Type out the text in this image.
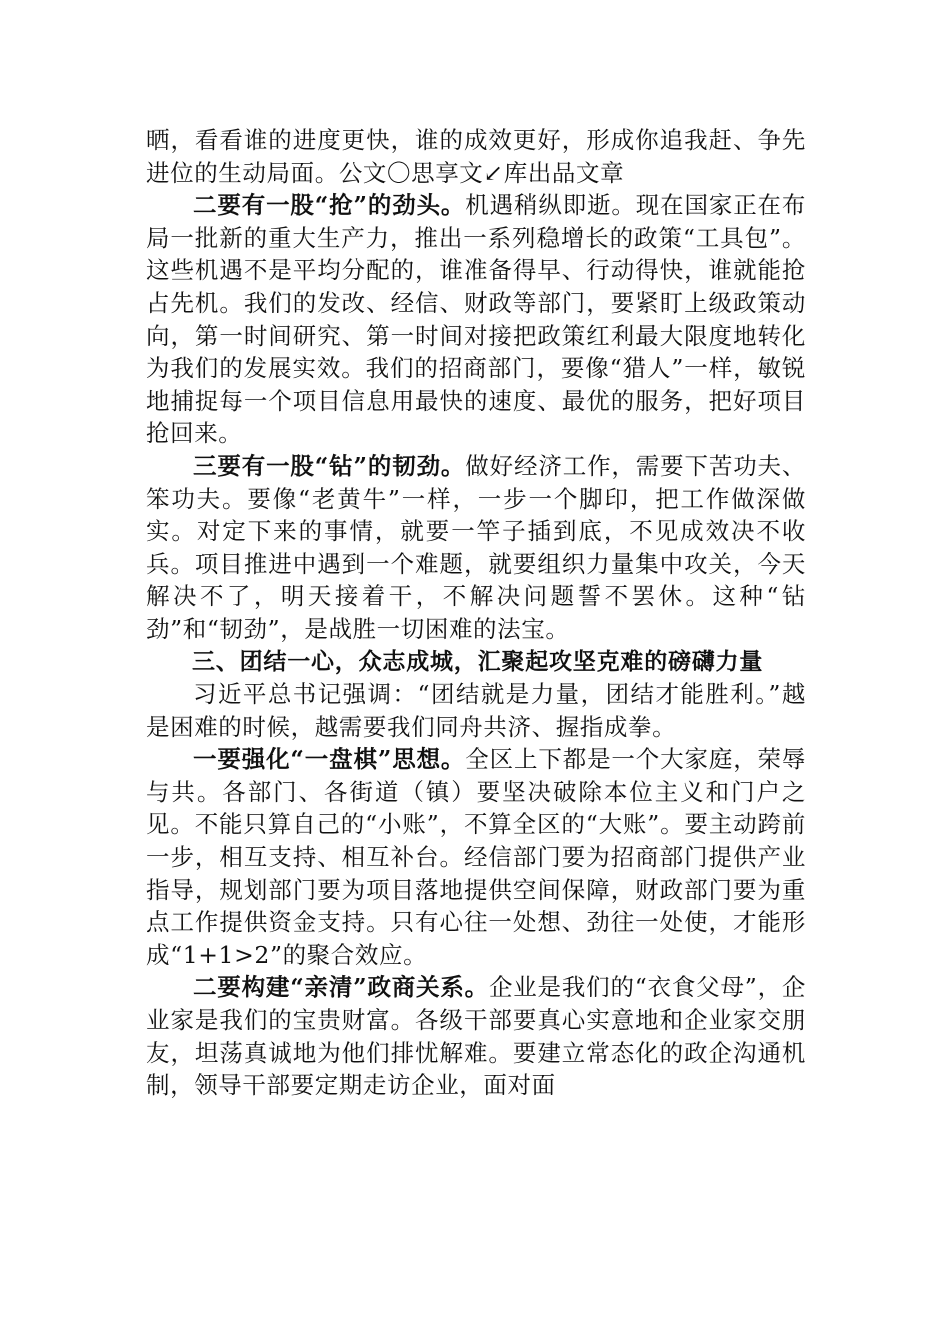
晒，看看谁的进度更快，谁的成效更好，形成你追我赶、争先进位的生动局面。公文〇思享文↙库出品文章

二要有一股“抢”的劲头。机遇稍纵即逝。现在国家正在布局一批新的重大生产力，推出一系列稳增长的政策“工具包”。这些机遇不是平均分配的，谁准备得早、行动得快，谁就能抢占先机。我们的发改、经信、财政等部门，要紧盯上级政策动向，第一时间研究、第一时间对接把政策红利最大限度地转化为我们的发展实效。我们的招商部门，要像“猎人”一样，敏锐地捕捉每一个项目信息用最快的速度、最优的服务，把好项目抢回来。

三要有一股“钻”的韧劲。做好经济工作，需要下苦功夫、笨功夫。要像“老黄牛”一样，一步一个脚印，把工作做深做实。对定下来的事情，就要一竿子插到底，不见成效决不收兵。项目推进中遇到一个难题，就要组织力量集中攻关，今天解决不了，明天接着干，不解决问题誓不罢休。这种“钻劲”和“韧劲”，是战胜一切困难的法宝。

三、团结一心，众志成城，汇聚起攻坚克难的磅礴力量

习近平总书记强调：“团结就是力量，团结才能胜利。”越是困难的时候，越需要我们同舟共济、握指成拳。

一要强化“一盘棋”思想。全区上下都是一个大家庭，荣辱与共。各部门、各街道（镇）要坚决破除本位主义和门户之见。不能只算自己的“小账”，不算全区的“大账”。要主动跨前一步，相互支持、相互补台。经信部门要为招商部门提供产业指导，规划部门要为项目落地提供空间保障，财政部门要为重点工作提供资金支持。只有心往一处想、劲往一处使，才能形成“1+1>2”的聚合效应。

二要构建“亲清”政商关系。企业是我们的“衣食父母”，企业家是我们的宝贵财富。各级干部要真心实意地和企业家交朋友，坦荡真诚地为他们排忧解难。要建立常态化的政企沟通机制，领导干部要定期走访企业，面对面
